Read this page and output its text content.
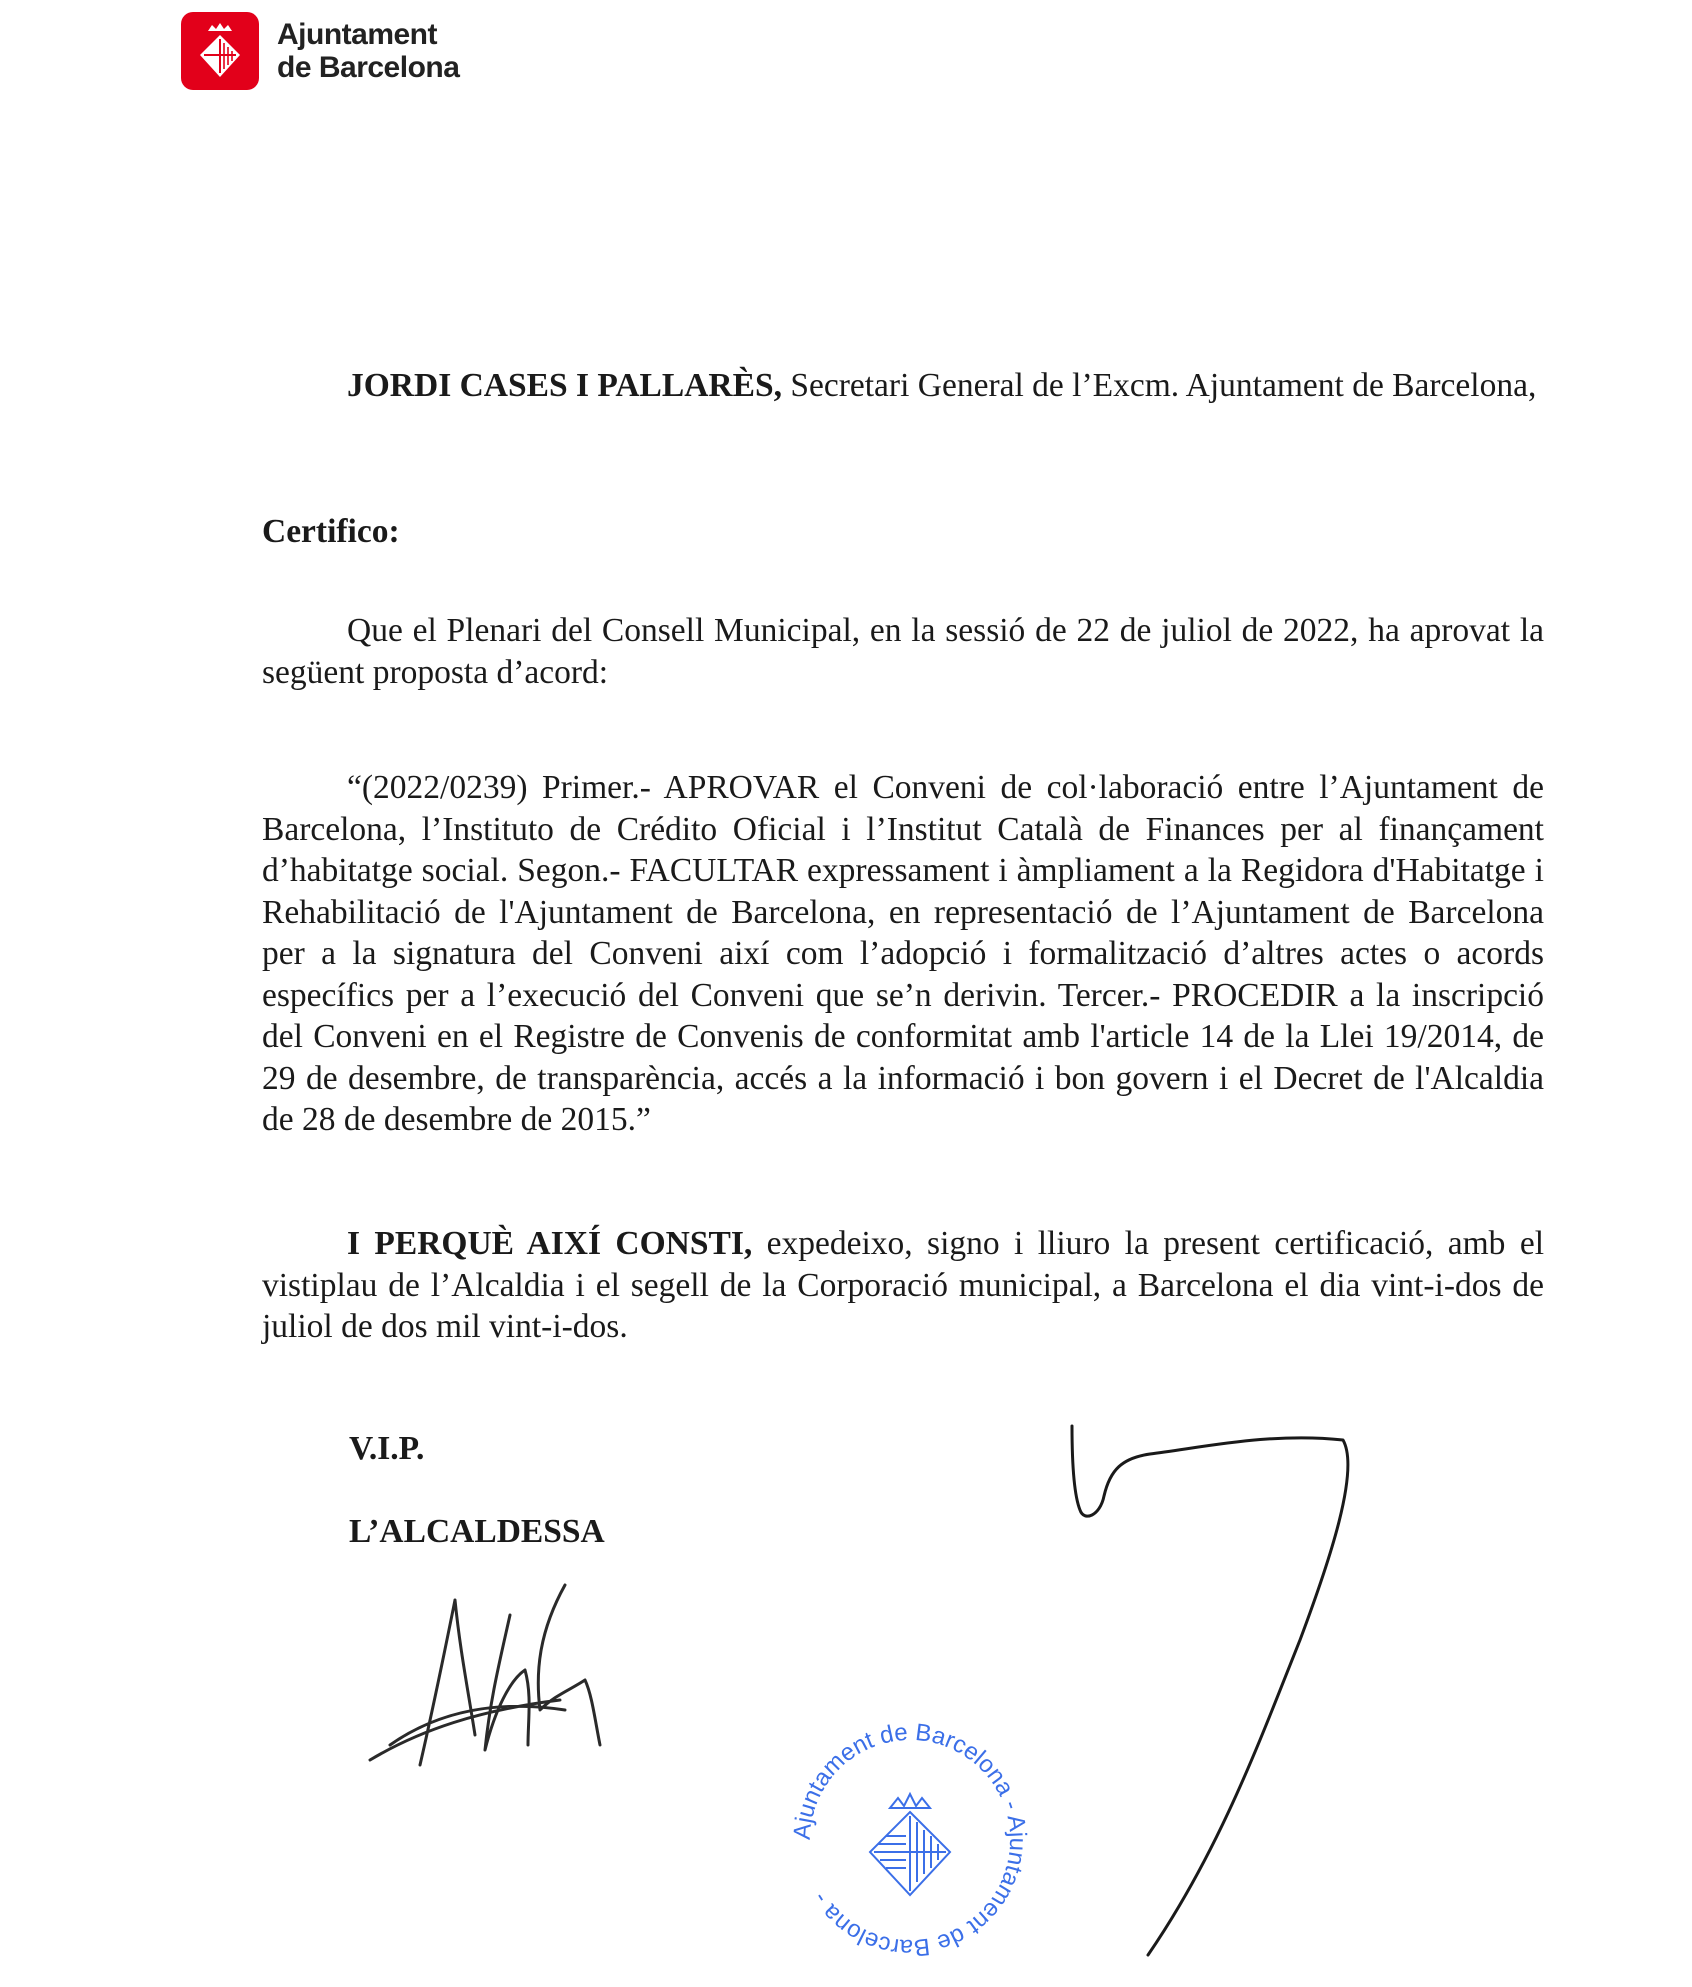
Ajuntament
de Barcelona

JORDI CASES I PALLARÈS, Secretari General de l’Excm. Ajuntament de Barcelona,

Certifico:

Que el Plenari del Consell Municipal, en la sessió de 22 de juliol de 2022, ha aprovat la següent proposta d’acord:

“(2022/0239) Primer.- APROVAR el Conveni de col·laboració entre l’Ajuntament de Barcelona, l’Instituto de Crédito Oficial i l’Institut Català de Finances per al finançament d’habitatge social. Segon.- FACULTAR expressament i àmpliament a la Regidora d'Habitatge i Rehabilitació de l'Ajuntament de Barcelona, en representació de l’Ajuntament de Barcelona per a la signatura del Conveni així com l’adopció i formalització d’altres actes o acords específics per a l’execució del Conveni que se’n derivin. Tercer.- PROCEDIR a la inscripció del Conveni en el Registre de Convenis de conformitat amb l'article 14 de la Llei 19/2014, de 29 de desembre, de transparència, accés a la informació i bon govern i el Decret de l'Alcaldia de 28 de desembre de 2015.”

I PERQUÈ AIXÍ CONSTI, expedeixo, signo i lliuro la present certificació, amb el vistiplau de l’Alcaldia i el segell de la Corporació municipal, a Barcelona el dia vint-i-dos de juliol de dos mil vint-i-dos.

V.I.P.
L’ALCALDESSA
Ajuntament de Barcelona - Ajuntament de Barcelona -
